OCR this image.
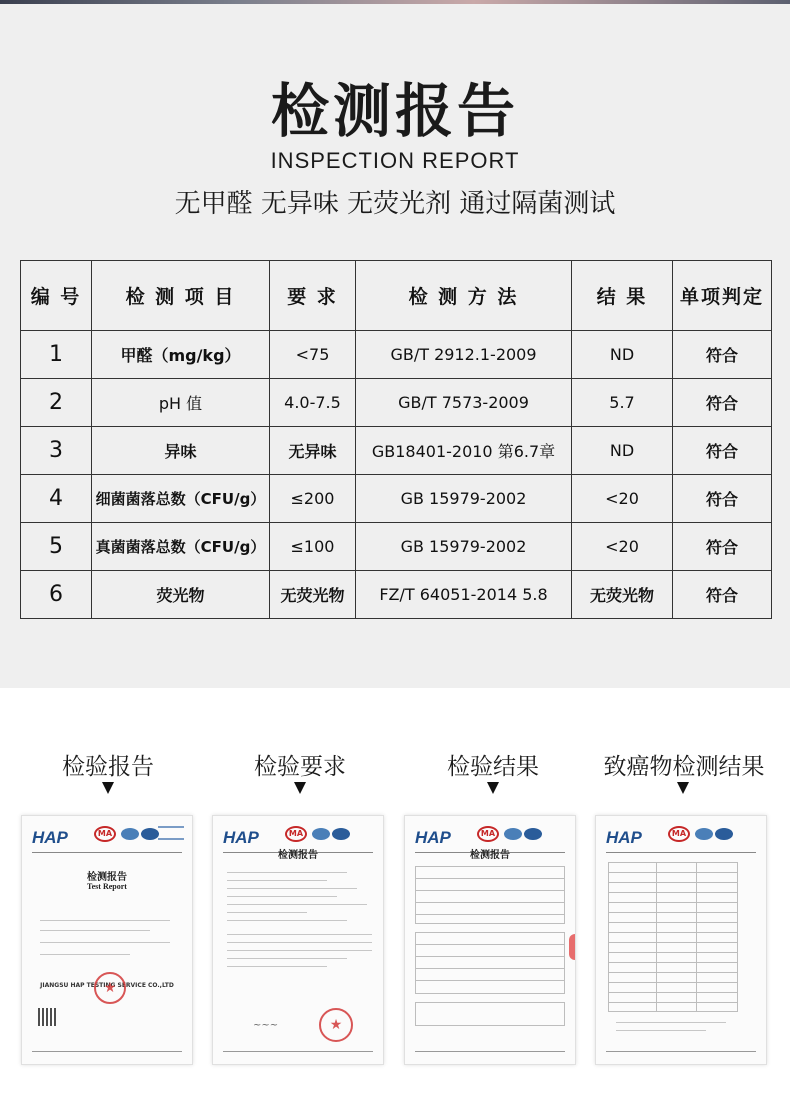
检测报告
INSPECTION REPORT
无甲醛 无异味 无荧光剂 通过隔菌测试
编 号	检 测 项 目	要 求	检 测 方 法	结 果	单项判定
1	甲醛（mg/kg）	<75	GB/T 2912.1-2009	ND	符合
2	pH 值	4.0-7.5	GB/T 7573-2009	5.7	符合
3	异味	无异味	GB18401-2010 第6.7章	ND	符合
4	细菌菌落总数（CFU/g）	≤200	GB 15979-2002	<20	符合
5	真菌菌落总数（CFU/g）	≤100	GB 15979-2002	<20	符合
6	荧光物	无荧光物	FZ/T 64051-2014 5.8	无荧光物	符合
检验报告	检验要求	检验结果	致癌物检测结果
HAP	MA
检测报告
Test Report
JIANGSU HAP TESTING SERVICE CO.,LTD
★
HAP	MA
检测报告
~~~
★
HAP	MA
检测报告
HAP	MA
